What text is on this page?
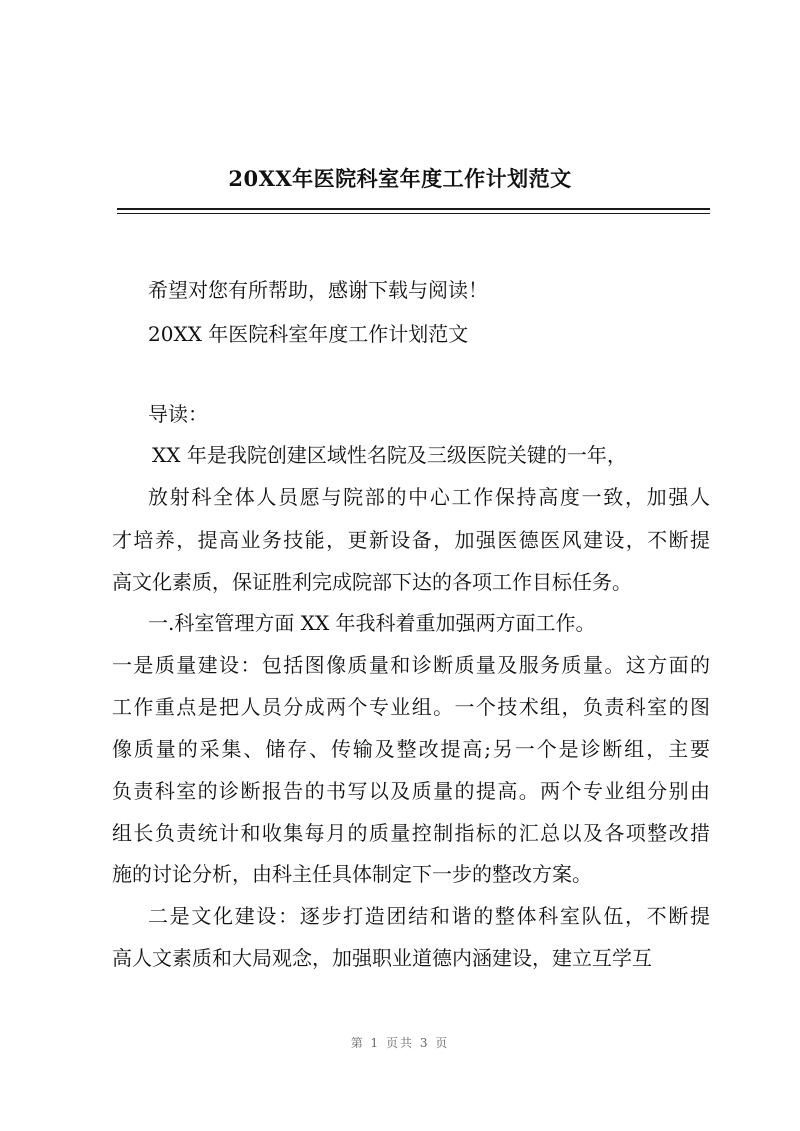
20XX年医院科室年度工作计划范文
希望对您有所帮助，感谢下载与阅读！
20XX 年医院科室年度工作计划范文
导读：
XX 年是我院创建区域性名院及三级医院关键的一年，
放射科全体人员愿与院部的中心工作保持高度一致，加强人
才培养，提高业务技能，更新设备，加强医德医风建设，不断提
高文化素质，保证胜利完成院部下达的各项工作目标任务。
一.科室管理方面 XX 年我科着重加强两方面工作。
一是质量建设：包括图像质量和诊断质量及服务质量。这方面的
工作重点是把人员分成两个专业组。一个技术组，负责科室的图
像质量的采集、储存、传输及整改提高;另一个是诊断组，主要
负责科室的诊断报告的书写以及质量的提高。两个专业组分别由
组长负责统计和收集每月的质量控制指标的汇总以及各项整改措
施的讨论分析，由科主任具体制定下一步的整改方案。
二是文化建设：逐步打造团结和谐的整体科室队伍，不断提
高人文素质和大局观念，加强职业道德内涵建设，建立互学互
第 1 页共 3 页
